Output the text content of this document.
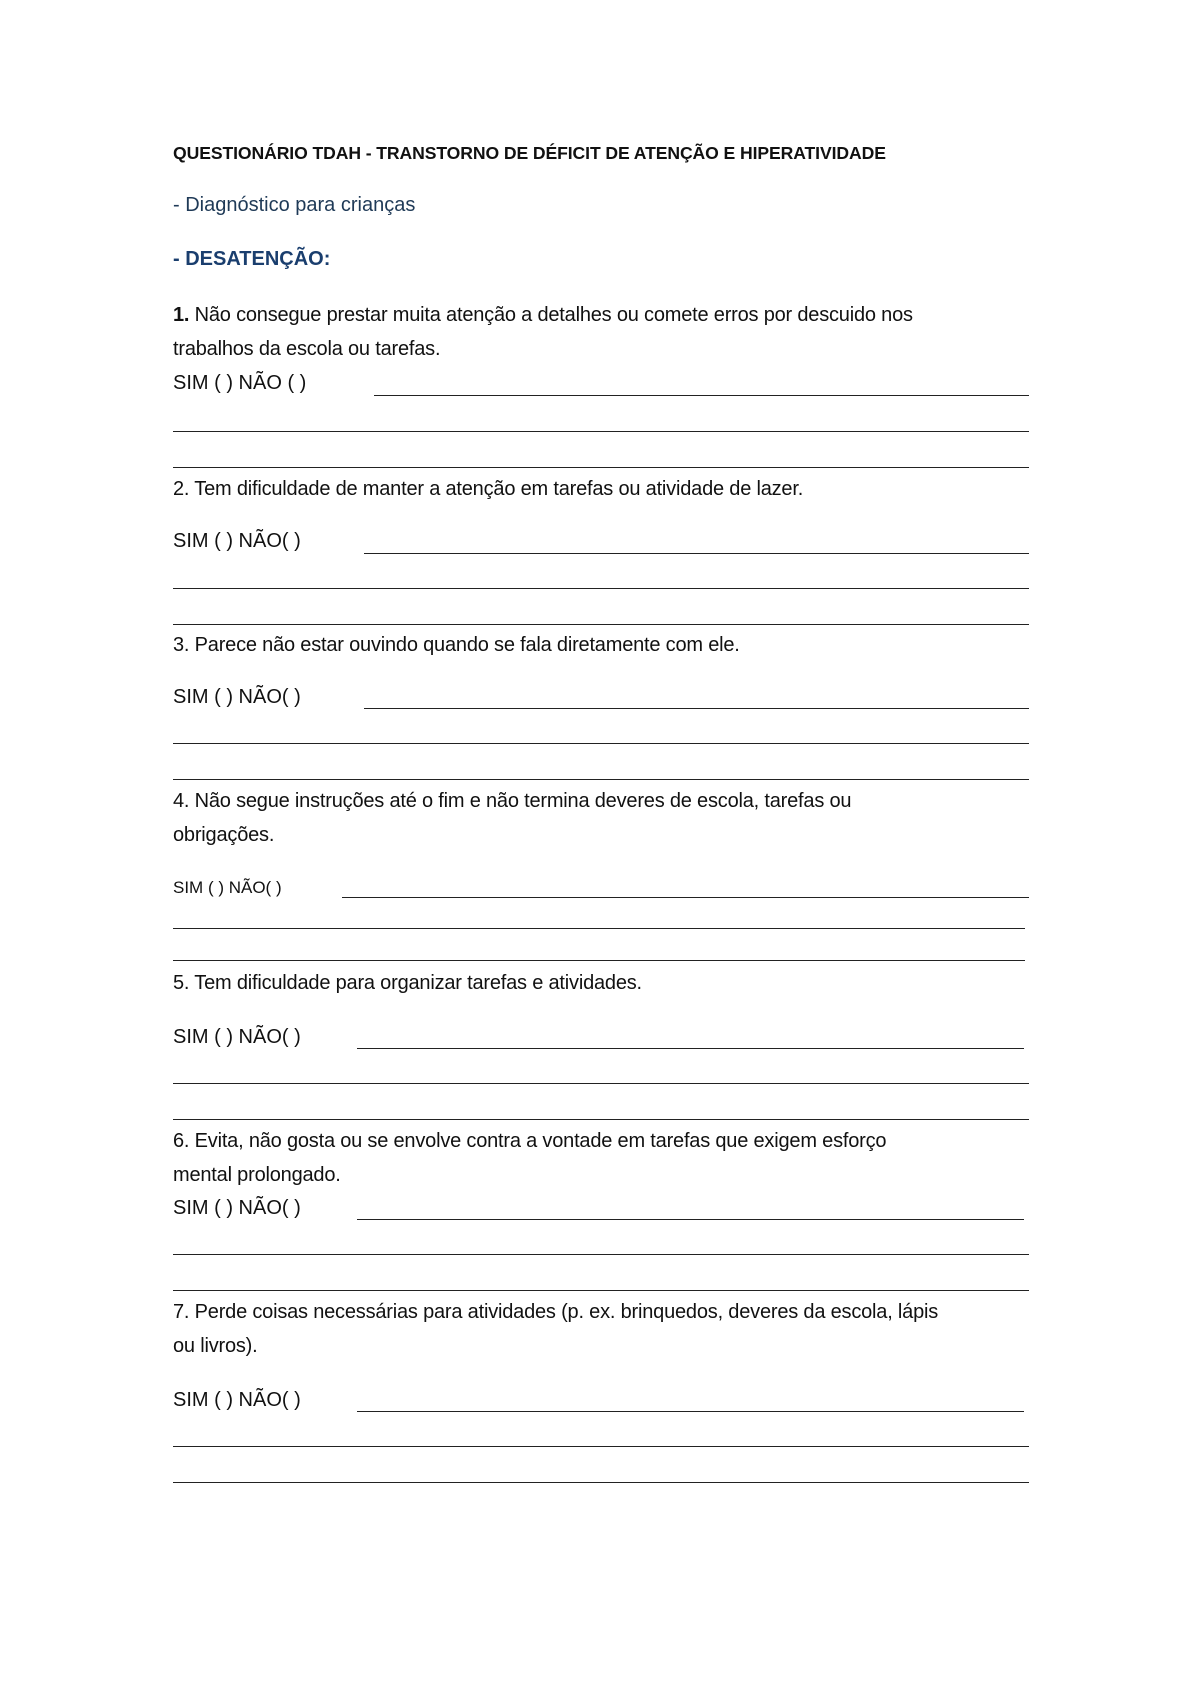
QUESTIONÁRIO TDAH - TRANSTORNO DE DÉFICIT DE ATENÇÃO E HIPERATIVIDADE
- Diagnóstico para crianças
- DESATENÇÃO:
1. Não consegue prestar muita atenção a detalhes ou comete erros por descuido nos
trabalhos da escola ou tarefas.
SIM ( ) NÃO ( )
2. Tem dificuldade de manter a atenção em tarefas ou atividade de lazer.
SIM ( ) NÃO( )
3. Parece não estar ouvindo quando se fala diretamente com ele.
SIM ( ) NÃO( )
4. Não segue instruções até o fim e não termina deveres de escola, tarefas ou
obrigações.
SIM ( ) NÃO( )
5. Tem dificuldade para organizar tarefas e atividades.
SIM ( ) NÃO( )
6. Evita, não gosta ou se envolve contra a vontade em tarefas que exigem esforço
mental prolongado.
SIM ( ) NÃO( )
7. Perde coisas necessárias para atividades (p. ex. brinquedos, deveres da escola, lápis
ou livros).
SIM ( ) NÃO( )
